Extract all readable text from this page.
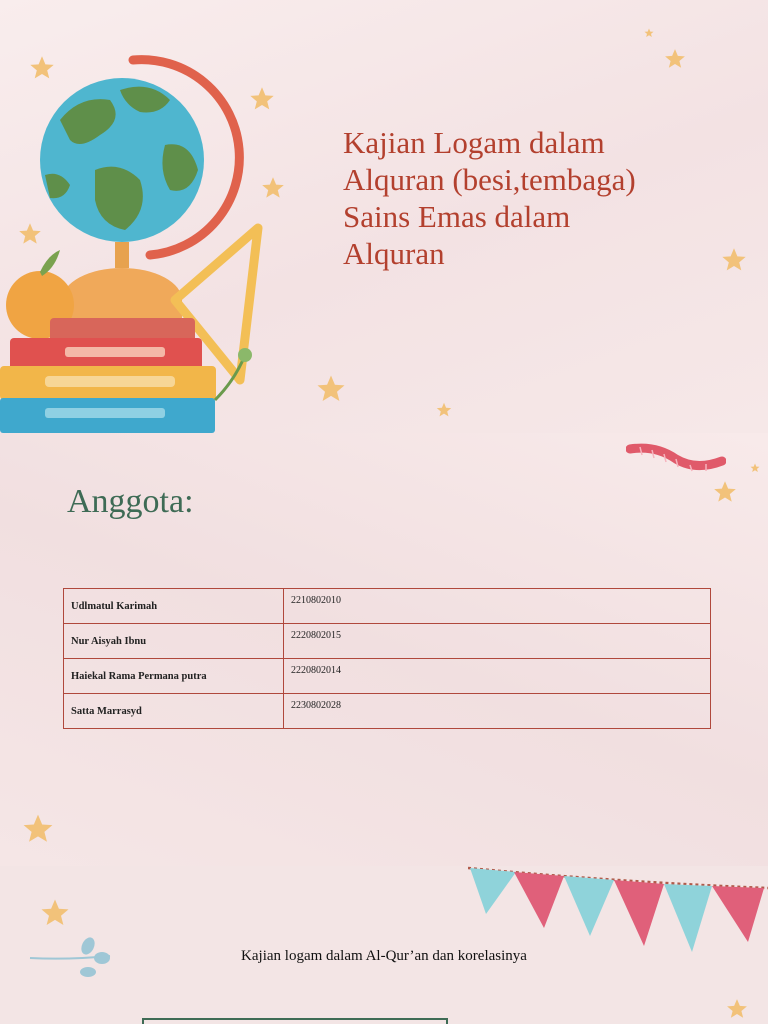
Kajian Logam dalam
Alquran (besi,tembaga)
Sains Emas dalam
Alquran
Anggota:
Udlmatul Karimah	2210802010
Nur Aisyah Ibnu	2220802015
Haiekal Rama Permana putra	2220802014
Satta Marrasyd	2230802028

Kajian logam dalam Al-Qur’an dan korelasinya
